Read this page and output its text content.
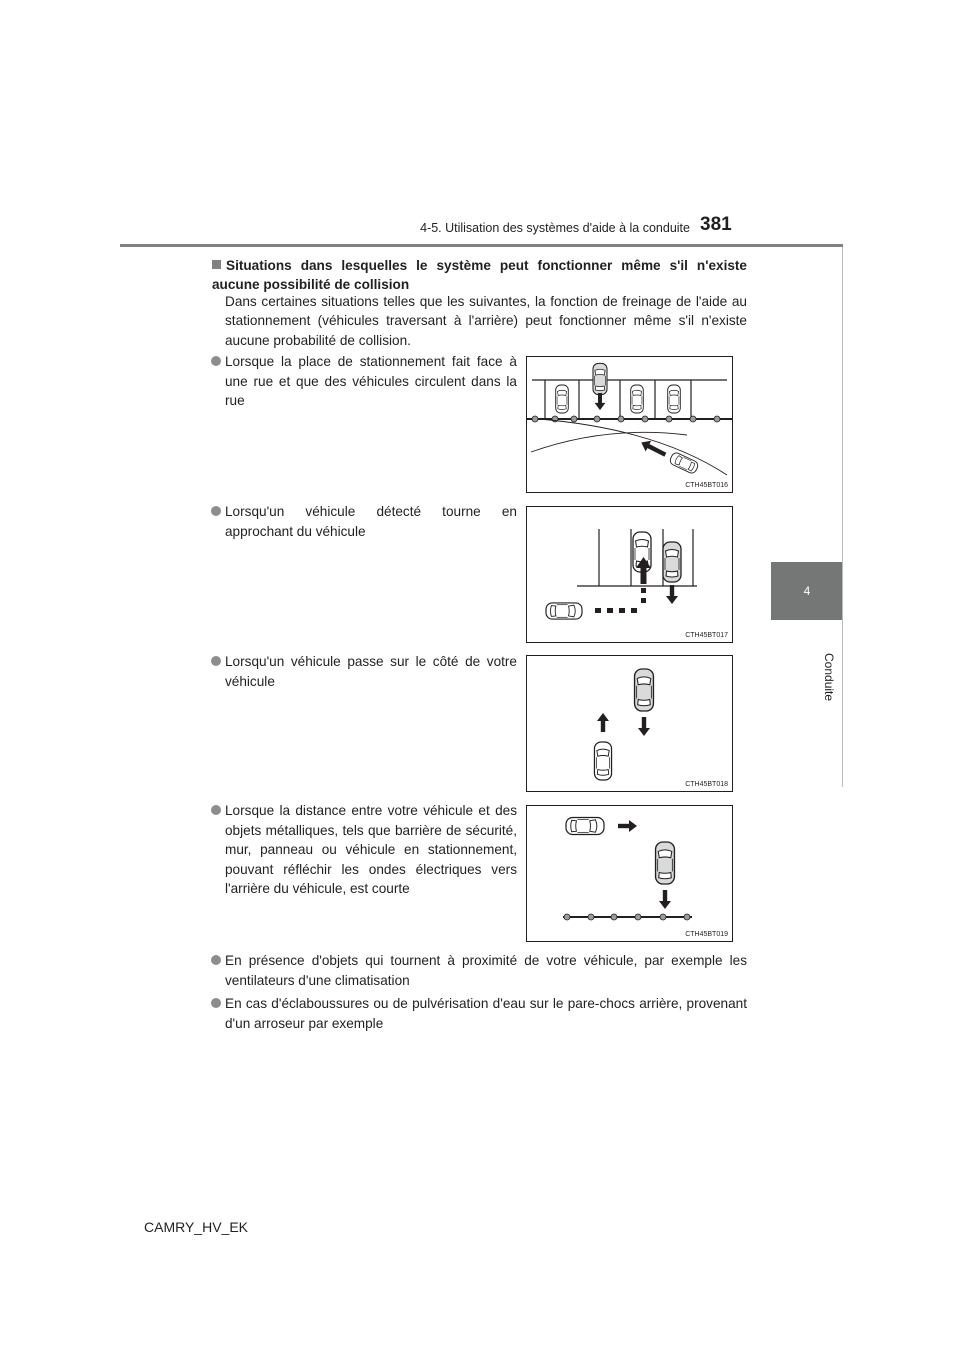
4-5. Utilisation des systèmes d'aide à la conduite 381
4
Conduite
Situations dans lesquelles le système peut fonctionner même s'il n'existe aucune possibilité de collision
Dans certaines situations telles que les suivantes, la fonction de freinage de l'aide au stationnement (véhicules traversant à l'arrière) peut fonctionner même s'il n'existe aucune probabilité de collision.
Lorsque la place de stationnement fait face à une rue et que des véhicules circulent dans la rue
CTH45BT016
Lorsqu'un véhicule détecté tourne en approchant du véhicule
CTH45BT017
Lorsqu'un véhicule passe sur le côté de votre véhicule
CTH45BT018
Lorsque la distance entre votre véhicule et des objets métalliques, tels que barrière de sécurité, mur, panneau ou véhicule en stationnement, pouvant réfléchir les ondes électriques vers l'arrière du véhicule, est courte
CTH45BT019
En présence d'objets qui tournent à proximité de votre véhicule, par exemple les ventilateurs d'une climatisation
En cas d'éclaboussures ou de pulvérisation d'eau sur le pare-chocs arrière, provenant d'un arroseur par exemple
CAMRY_HV_EK
